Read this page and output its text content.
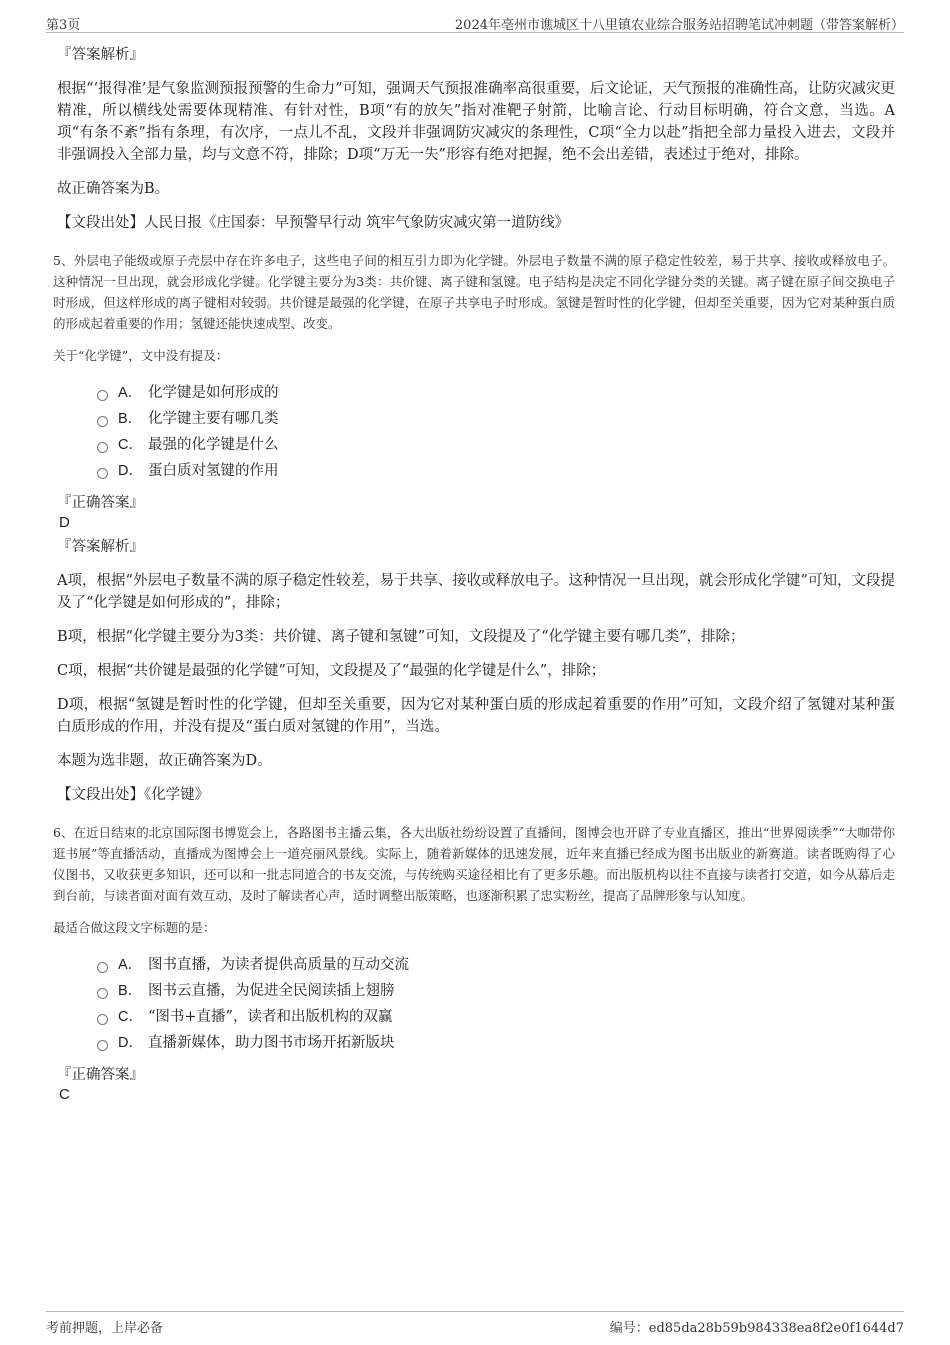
第3页	2024年亳州市谯城区十八里镇农业综合服务站招聘笔试冲刺题（带答案解析）
『答案解析』

根据“‘报得准’是气象监测预报预警的生命力”可知，强调天气预报准确率高很重要，后文论证，天气预报的准确性高，让防灾减灾更精准，所以横线处需要体现精准、有针对性，B项“有的放矢”指对准靶子射箭，比喻言论、行动目标明确，符合文意，当选。A项“有条不紊”指有条理，有次序，一点儿不乱，文段并非强调防灾减灾的条理性，C项“全力以赴”指把全部力量投入进去，文段并非强调投入全部力量，均与文意不符，排除；D项“万无一失”形容有绝对把握，绝不会出差错，表述过于绝对，排除。

故正确答案为B。

【文段出处】人民日报《庄国泰：早预警早行动 筑牢气象防灾减灾第一道防线》

5、外层电子能级或原子壳层中存在许多电子，这些电子间的相互引力即为化学键。外层电子数量不满的原子稳定性较差，易于共享、接收或释放电子。这种情况一旦出现，就会形成化学键。化学键主要分为3类：共价键、离子键和氢键。电子结构是决定不同化学键分类的关键。离子键在原子间交换电子时形成，但这样形成的离子键相对较弱。共价键是最强的化学键，在原子共享电子时形成。氢键是暂时性的化学键，但却至关重要，因为它对某种蛋白质的形成起着重要的作用；氢键还能快速成型、改变。

关于“化学键”，文中没有提及：

A． 化学键是如何形成的
B． 化学键主要有哪几类
C． 最强的化学键是什么
D． 蛋白质对氢键的作用
『正确答案』
D
『答案解析』

A项，根据“外层电子数量不满的原子稳定性较差，易于共享、接收或释放电子。这种情况一旦出现，就会形成化学键”可知，文段提及了“化学键是如何形成的”，排除；

B项，根据“化学键主要分为3类：共价键、离子键和氢键”可知，文段提及了“化学键主要有哪几类”，排除；

C项，根据“共价键是最强的化学键”可知，文段提及了“最强的化学键是什么”，排除；

D项，根据“氢键是暂时性的化学键，但却至关重要，因为它对某种蛋白质的形成起着重要的作用”可知，文段介绍了氢键对某种蛋白质形成的作用，并没有提及“蛋白质对氢键的作用”，当选。

本题为选非题，故正确答案为D。

【文段出处】《化学键》

6、在近日结束的北京国际图书博览会上，各路图书主播云集，各大出版社纷纷设置了直播间，图博会也开辟了专业直播区，推出“世界阅读季”“大咖带你逛书展”等直播活动，直播成为图博会上一道亮丽风景线。实际上，随着新媒体的迅速发展，近年来直播已经成为图书出版业的新赛道。读者既购得了心仪图书，又收获更多知识，还可以和一批志同道合的书友交流，与传统购买途径相比有了更多乐趣。而出版机构以往不直接与读者打交道，如今从幕后走到台前，与读者面对面有效互动，及时了解读者心声，适时调整出版策略，也逐渐积累了忠实粉丝，提高了品牌形象与认知度。

最适合做这段文字标题的是：

A． 图书直播，为读者提供高质量的互动交流
B． 图书云直播，为促进全民阅读插上翅膀
C． “图书+直播”，读者和出版机构的双赢
D． 直播新媒体，助力图书市场开拓新版块
『正确答案』
C
考前押题，上岸必备	编号：ed85da28b59b984338ea8f2e0f1644d7
